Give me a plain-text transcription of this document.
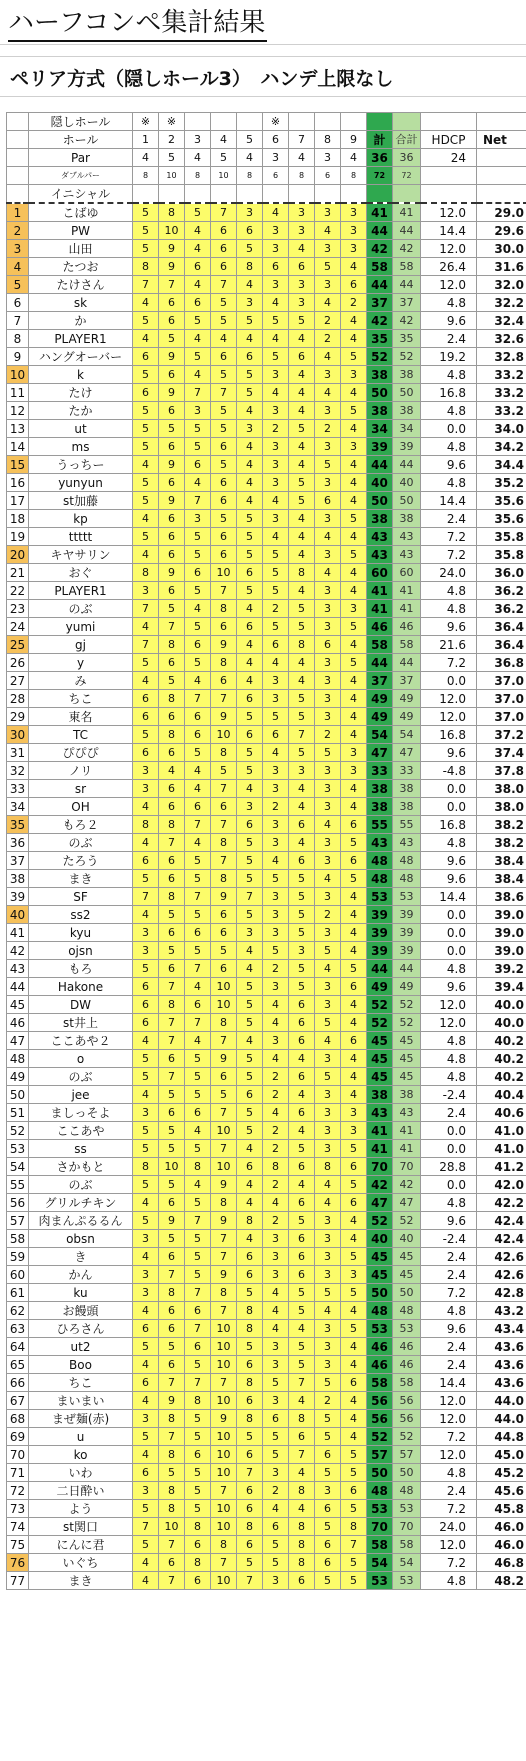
ハーフコンペ集計結果
ペリア方式（隠しホール3）　ハンデ上限なし
	隠しホール	※	※				※							
	ホール	1	2	3	4	5	6	7	8	9	計	合計	HDCP	Net
	Par	4	5	4	5	4	3	4	3	4	36	36	24	
	ダブルパー	8	10	8	10	8	6	8	6	8	72	72		
	イニシャル													
1	こばゆ	5	8	5	7	3	4	3	3	3	41	41	12.0	29.0
2	PW	5	10	4	6	6	3	3	4	3	44	44	14.4	29.6
3	山田	5	9	4	6	5	3	4	3	3	42	42	12.0	30.0
4	たつお	8	9	6	6	8	6	6	5	4	58	58	26.4	31.6
5	たけさん	7	7	4	7	4	3	3	3	6	44	44	12.0	32.0
6	sk	4	6	6	5	3	4	3	4	2	37	37	4.8	32.2
7	か	5	6	5	5	5	5	5	2	4	42	42	9.6	32.4
8	PLAYER1	4	5	4	4	4	4	4	2	4	35	35	2.4	32.6
9	ハングオーバー	6	9	5	6	6	5	6	4	5	52	52	19.2	32.8
10	k	5	6	4	5	5	3	4	3	3	38	38	4.8	33.2
11	たけ	6	9	7	7	5	4	4	4	4	50	50	16.8	33.2
12	たか	5	6	3	5	4	3	4	3	5	38	38	4.8	33.2
13	ut	5	5	5	5	3	2	5	2	4	34	34	0.0	34.0
14	ms	5	6	5	6	4	3	4	3	3	39	39	4.8	34.2
15	うっちー	4	9	6	5	4	3	4	5	4	44	44	9.6	34.4
16	yunyun	5	6	4	6	4	3	5	3	4	40	40	4.8	35.2
17	st加藤	5	9	7	6	4	4	5	6	4	50	50	14.4	35.6
18	kp	4	6	3	5	5	3	4	3	5	38	38	2.4	35.6
19	ttttt	5	6	5	6	5	4	4	4	4	43	43	7.2	35.8
20	キヤサリン	4	6	5	6	5	5	4	3	5	43	43	7.2	35.8
21	おぐ	8	9	6	10	6	5	8	4	4	60	60	24.0	36.0
22	PLAYER1	3	6	5	7	5	5	4	3	4	41	41	4.8	36.2
23	のぶ	7	5	4	8	4	2	5	3	3	41	41	4.8	36.2
24	yumi	4	7	5	6	6	5	5	3	5	46	46	9.6	36.4
25	gj	7	8	6	9	4	6	8	6	4	58	58	21.6	36.4
26	y	5	6	5	8	4	4	4	3	5	44	44	7.2	36.8
27	み	4	5	4	6	4	3	4	3	4	37	37	0.0	37.0
28	ちこ	6	8	7	7	6	3	5	3	4	49	49	12.0	37.0
29	東名	6	6	6	9	5	5	5	3	4	49	49	12.0	37.0
30	TC	5	8	6	10	6	6	7	2	4	54	54	16.8	37.2
31	ぴぴぴ	6	6	5	8	5	4	5	5	3	47	47	9.6	37.4
32	ノリ	3	4	4	5	5	3	3	3	3	33	33	-4.8	37.8
33	sr	3	6	4	7	4	3	4	3	4	38	38	0.0	38.0
34	OH	4	6	6	6	3	2	4	3	4	38	38	0.0	38.0
35	もろ２	8	8	7	7	6	3	6	4	6	55	55	16.8	38.2
36	のぶ	4	7	4	8	5	3	4	3	5	43	43	4.8	38.2
37	たろう	6	6	5	7	5	4	6	3	6	48	48	9.6	38.4
38	まき	5	6	5	8	5	5	5	4	5	48	48	9.6	38.4
39	SF	7	8	7	9	7	3	5	3	4	53	53	14.4	38.6
40	ss2	4	5	5	6	5	3	5	2	4	39	39	0.0	39.0
41	kyu	3	6	6	6	3	3	5	3	4	39	39	0.0	39.0
42	ojsn	3	5	5	5	4	5	3	5	4	39	39	0.0	39.0
43	もろ	5	6	7	6	4	2	5	4	5	44	44	4.8	39.2
44	Hakone	6	7	4	10	5	3	5	3	6	49	49	9.6	39.4
45	DW	6	8	6	10	5	4	6	3	4	52	52	12.0	40.0
46	st井上	6	7	7	8	5	4	6	5	4	52	52	12.0	40.0
47	ここあや２	4	7	4	7	4	3	6	4	6	45	45	4.8	40.2
48	o	5	6	5	9	5	4	4	3	4	45	45	4.8	40.2
49	のぶ	5	7	5	6	5	2	6	5	4	45	45	4.8	40.2
50	jee	4	5	5	5	6	2	4	3	4	38	38	-2.4	40.4
51	ましっそよ	3	6	6	7	5	4	6	3	3	43	43	2.4	40.6
52	ここあや	5	5	4	10	5	2	4	3	3	41	41	0.0	41.0
53	ss	5	5	5	7	4	2	5	3	5	41	41	0.0	41.0
54	さかもと	8	10	8	10	6	8	6	8	6	70	70	28.8	41.2
55	のぶ	5	5	4	9	4	2	4	4	5	42	42	0.0	42.0
56	グリルチキン	4	6	5	8	4	4	6	4	6	47	47	4.8	42.2
57	肉まんぷるるん	5	9	7	9	8	2	5	3	4	52	52	9.6	42.4
58	obsn	3	5	5	7	4	3	6	3	4	40	40	-2.4	42.4
59	き	4	6	5	7	6	3	6	3	5	45	45	2.4	42.6
60	かん	3	7	5	9	6	3	6	3	3	45	45	2.4	42.6
61	ku	3	8	7	8	5	4	5	5	5	50	50	7.2	42.8
62	お饅頭	4	6	6	7	8	4	5	4	4	48	48	4.8	43.2
63	ひろさん	6	6	7	10	8	4	4	3	5	53	53	9.6	43.4
64	ut2	5	5	6	10	5	3	5	3	4	46	46	2.4	43.6
65	Boo	4	6	5	10	6	3	5	3	4	46	46	2.4	43.6
66	ちこ	6	7	7	7	8	5	7	5	6	58	58	14.4	43.6
67	まいまい	4	9	8	10	6	3	4	2	4	56	56	12.0	44.0
68	まぜ麺(赤)	3	8	5	9	8	6	8	5	4	56	56	12.0	44.0
69	u	5	7	5	10	5	5	6	5	4	52	52	7.2	44.8
70	ko	4	8	6	10	6	5	7	6	5	57	57	12.0	45.0
71	いわ	6	5	5	10	7	3	4	5	5	50	50	4.8	45.2
72	二日酔い	3	8	5	7	6	2	8	3	6	48	48	2.4	45.6
73	よう	5	8	5	10	6	4	4	6	5	53	53	7.2	45.8
74	st関口	7	10	8	10	8	6	8	5	8	70	70	24.0	46.0
75	にんに君	5	7	6	8	6	5	8	6	7	58	58	12.0	46.0
76	いぐち	4	6	8	7	5	5	8	6	5	54	54	7.2	46.8
77	まき	4	7	6	10	7	3	6	5	5	53	53	4.8	48.2
